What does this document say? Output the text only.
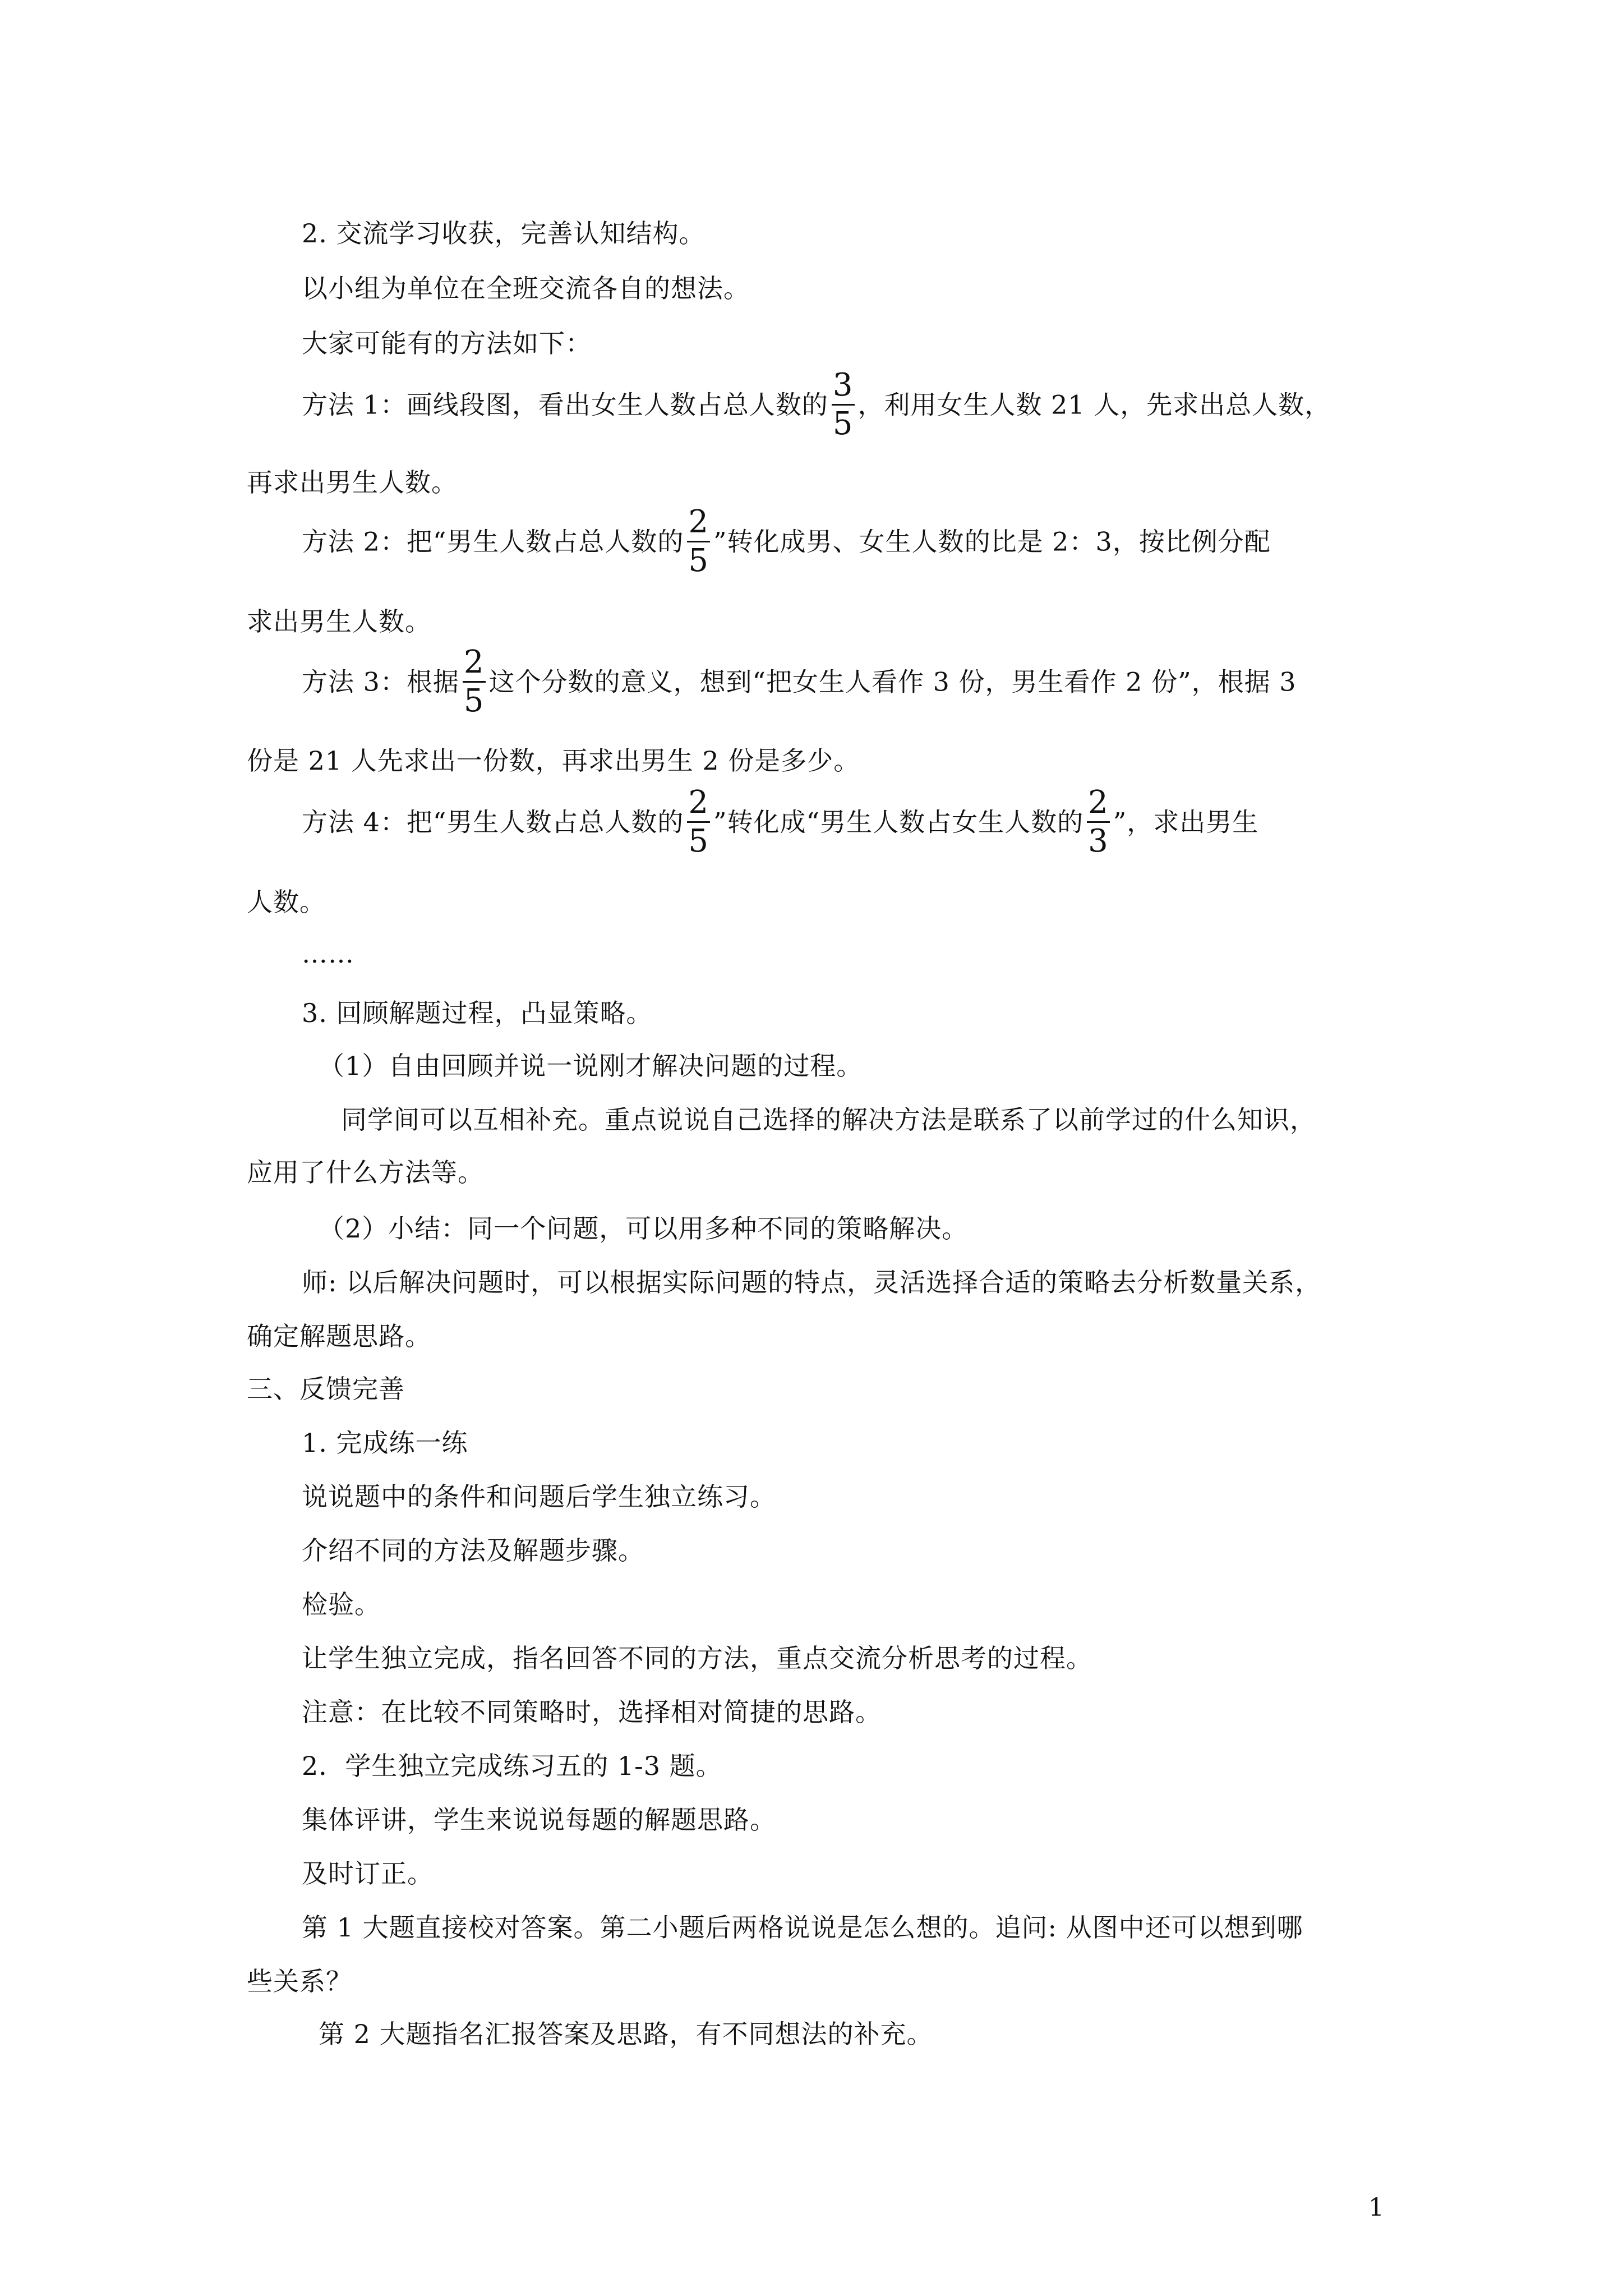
2. 交流学习收获，完善认知结构。
以小组为单位在全班交流各自的想法。
大家可能有的方法如下：
方法 1：画线段图，看出女生人数占总人数的 $\frac{3}{5}$ ，利用女生人数 21 人，先求出总人数，
再求出男生人数。
方法 2：把“男生人数占总人数的 $\frac{2}{5}$ ”转化成男、女生人数的比是 2：3，按比例分配
求出男生人数。
方法 3：根据 $\frac{2}{5}$ 这个分数的意义，想到“把女生人看作 3 份，男生看作 2 份”，根据 3
份是 21 人先求出一份数，再求出男生 2 份是多少。
方法 4：把“男生人数占总人数的 $\frac{2}{5}$ ”转化成“男生人数占女生人数的 $\frac{2}{3}$ ”，求出男生
人数。
……
3. 回顾解题过程，凸显策略。
（1）自由回顾并说一说刚才解决问题的过程。
同学间可以互相补充。重点说说自己选择的解决方法是联系了以前学过的什么知识，
应用了什么方法等。
（2）小结：同一个问题，可以用多种不同的策略解决。
师: 以后解决问题时，可以根据实际问题的特点，灵活选择合适的策略去分析数量关系，
确定解题思路。
三、反馈完善
1. 完成练一练
说说题中的条件和问题后学生独立练习。
介绍不同的方法及解题步骤。
检验。
让学生独立完成，指名回答不同的方法，重点交流分析思考的过程。
注意：在比较不同策略时，选择相对简捷的思路。
2．学生独立完成练习五的 1-3 题。
集体评讲，学生来说说每题的解题思路。
及时订正。
第 1 大题直接校对答案。第二小题后两格说说是怎么想的。追问: 从图中还可以想到哪
些关系？
第 2 大题指名汇报答案及思路，有不同想法的补充。
1
